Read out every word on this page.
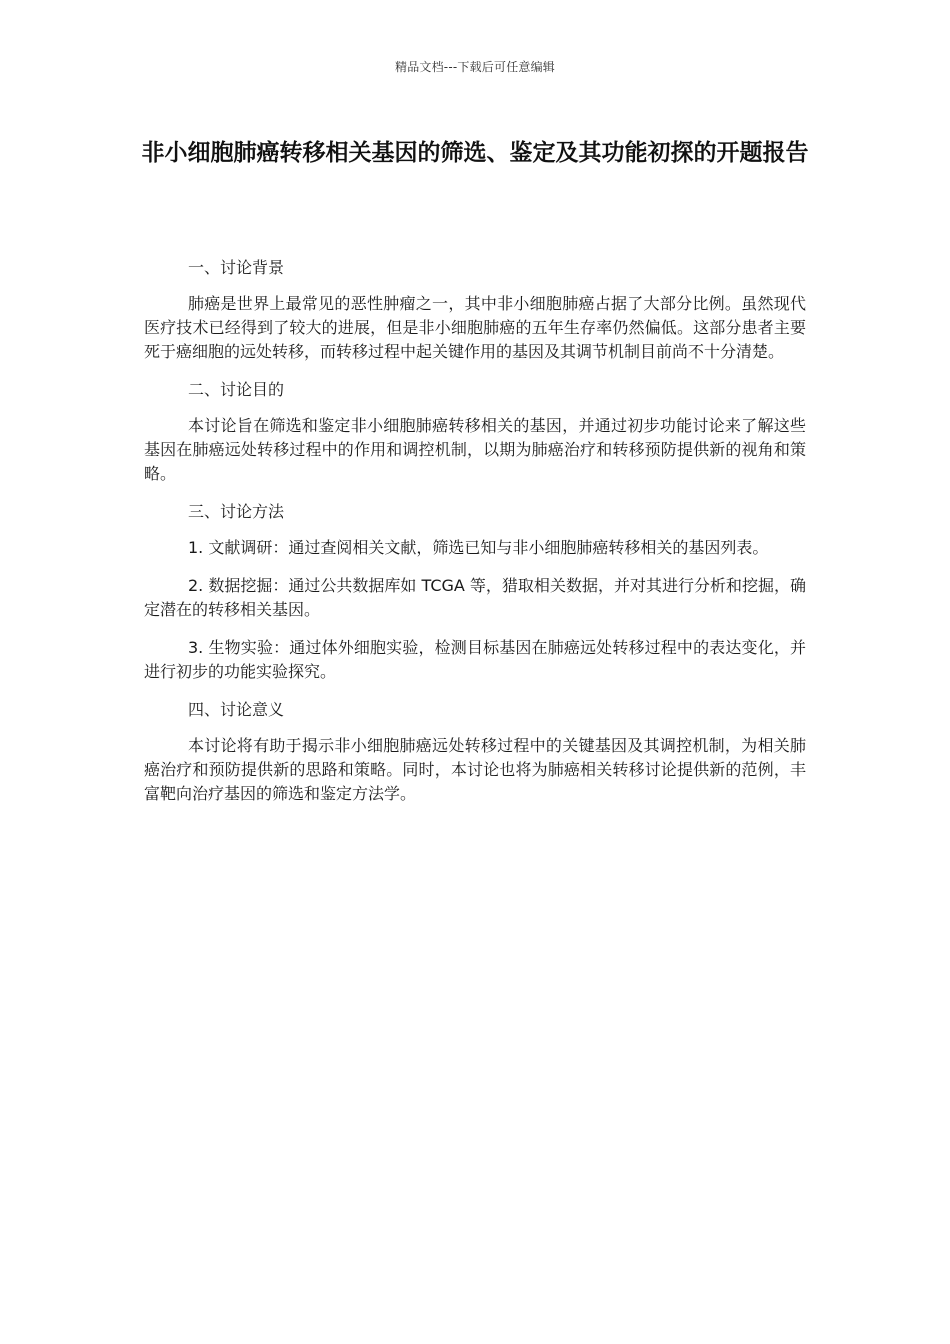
精品文档---下载后可任意编辑
非小细胞肺癌转移相关基因的筛选、鉴定及其功能初探的开题报告
一、讨论背景

肺癌是世界上最常见的恶性肿瘤之一，其中非小细胞肺癌占据了大部分比例。虽然现代医疗技术已经得到了较大的进展，但是非小细胞肺癌的五年生存率仍然偏低。这部分患者主要死于癌细胞的远处转移，而转移过程中起关键作用的基因及其调节机制目前尚不十分清楚。

二、讨论目的

本讨论旨在筛选和鉴定非小细胞肺癌转移相关的基因，并通过初步功能讨论来了解这些基因在肺癌远处转移过程中的作用和调控机制，以期为肺癌治疗和转移预防提供新的视角和策略。

三、讨论方法

1. 文献调研：通过查阅相关文献，筛选已知与非小细胞肺癌转移相关的基因列表。

2. 数据挖掘：通过公共数据库如 TCGA 等，猎取相关数据，并对其进行分析和挖掘，确定潜在的转移相关基因。

3. 生物实验：通过体外细胞实验，检测目标基因在肺癌远处转移过程中的表达变化，并进行初步的功能实验探究。

四、讨论意义

本讨论将有助于揭示非小细胞肺癌远处转移过程中的关键基因及其调控机制，为相关肺癌治疗和预防提供新的思路和策略。同时，本讨论也将为肺癌相关转移讨论提供新的范例，丰富靶向治疗基因的筛选和鉴定方法学。
